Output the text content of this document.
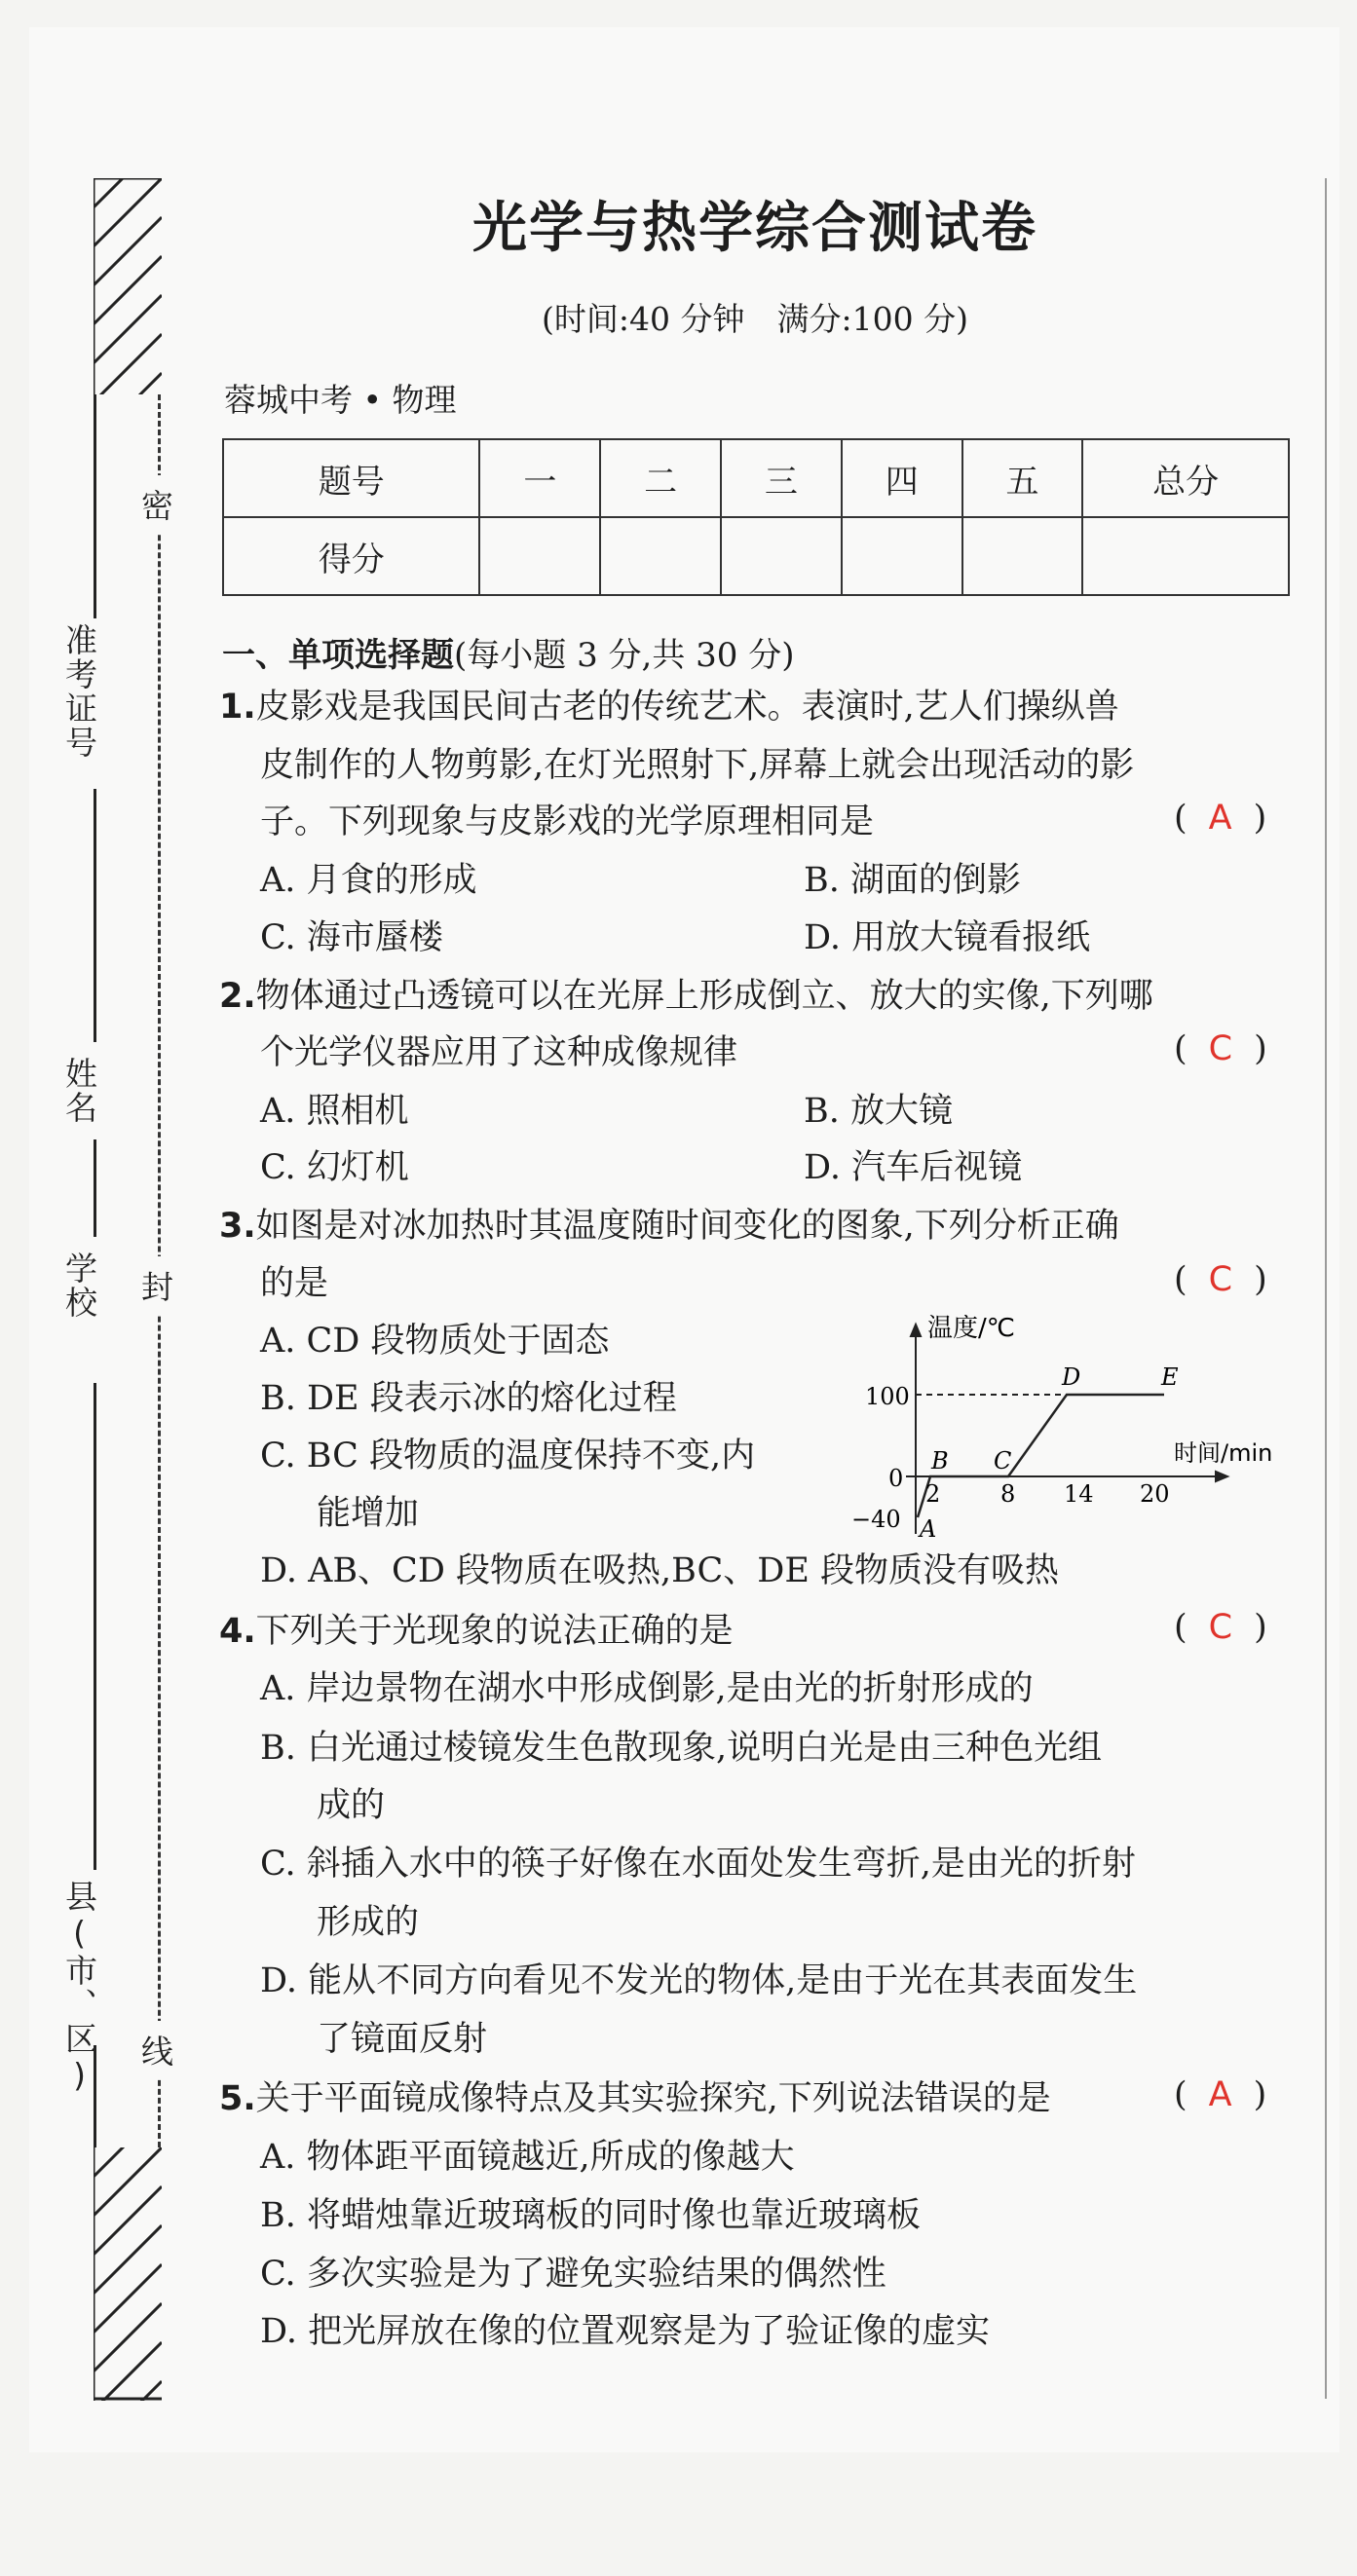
准考证号
姓名
学校
县(市、区)
密
封
线
光学与热学综合测试卷
(时间:40 分钟　满分:100 分)
蓉城中考 • 物理
题号	一	二	三	四	五	总分
得分						
一、单项选择题(每小题 3 分,共 30 分)
1.皮影戏是我国民间古老的传统艺术。表演时,艺人们操纵兽
皮制作的人物剪影,在灯光照射下,屏幕上就会出现活动的影
子。下列现象与皮影戏的光学原理相同是	( A )
A. 月食的形成	B. 湖面的倒影
C. 海市蜃楼	D. 用放大镜看报纸
2.物体通过凸透镜可以在光屏上形成倒立、放大的实像,下列哪
个光学仪器应用了这种成像规律	( C )
A. 照相机	B. 放大镜
C. 幻灯机	D. 汽车后视镜
3.如图是对冰加热时其温度随时间变化的图象,下列分析正确
的是	( C )
A. CD 段物质处于固态
B. DE 段表示冰的熔化过程
C. BC 段物质的温度保持不变,内
能增加
D. AB、CD 段物质在吸热,BC、DE 段物质没有吸热
温度/℃
时间/min
100
0
−40
2	8 14 20
A
B C
D	E
4.下列关于光现象的说法正确的是	( C )
A. 岸边景物在湖水中形成倒影,是由光的折射形成的
B. 白光通过棱镜发生色散现象,说明白光是由三种色光组
成的
C. 斜插入水中的筷子好像在水面处发生弯折,是由光的折射
形成的
D. 能从不同方向看见不发光的物体,是由于光在其表面发生
了镜面反射
5.关于平面镜成像特点及其实验探究,下列说法错误的是	( A )
A. 物体距平面镜越近,所成的像越大
B. 将蜡烛靠近玻璃板的同时像也靠近玻璃板
C. 多次实验是为了避免实验结果的偶然性
D. 把光屏放在像的位置观察是为了验证像的虚实
